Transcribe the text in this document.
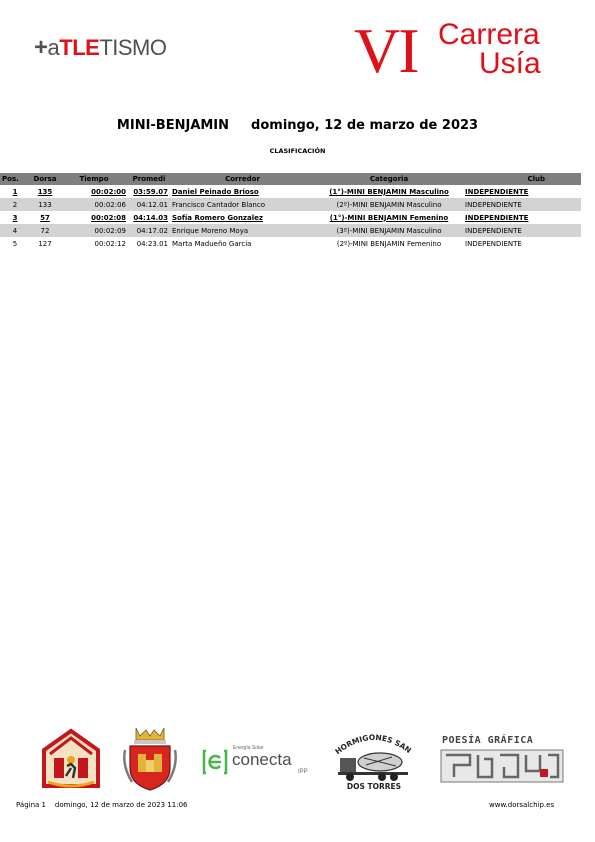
+aTLETISMO	VI Carrera
Usía
MINI-BENJAMIN domingo, 12 de marzo de 2023
CLASIFICACIÓN
Pos.	Dorsa	Tiempo	Promedi	Corredor	Categoria	Club
1	135	00:02:00	03:59.07	Daniel Peinado Brioso	(1°)-MINI BENJAMIN Masculino	INDEPENDIENTE
2	133	00:02:06	04:12.01	Francisco Cantador Blanco	(2º)-MINI BENJAMIN Masculino	INDEPENDIENTE
3	57	00:02:08	04:14.03	Sofía Romero Gonzalez	(1°)-MINI BENJAMIN Femenino	INDEPENDIENTE
4	72	00:02:09	04:17.02	Enrique Moreno Moya	(3º)-MINI BENJAMIN Masculino	INDEPENDIENTE
5	127	00:02:12	04:23.01	Marta Madueño Garcia	(2º)-MINI BENJAMIN Femenino	INDEPENDIENTE
Energía Solar
conecta
IPP
HORMIGONES SAN
DOS TORRES
POESÍA GRÁFICA
Página 1 domingo, 12 de marzo de 2023 11:06	www.dorsalchip.es
